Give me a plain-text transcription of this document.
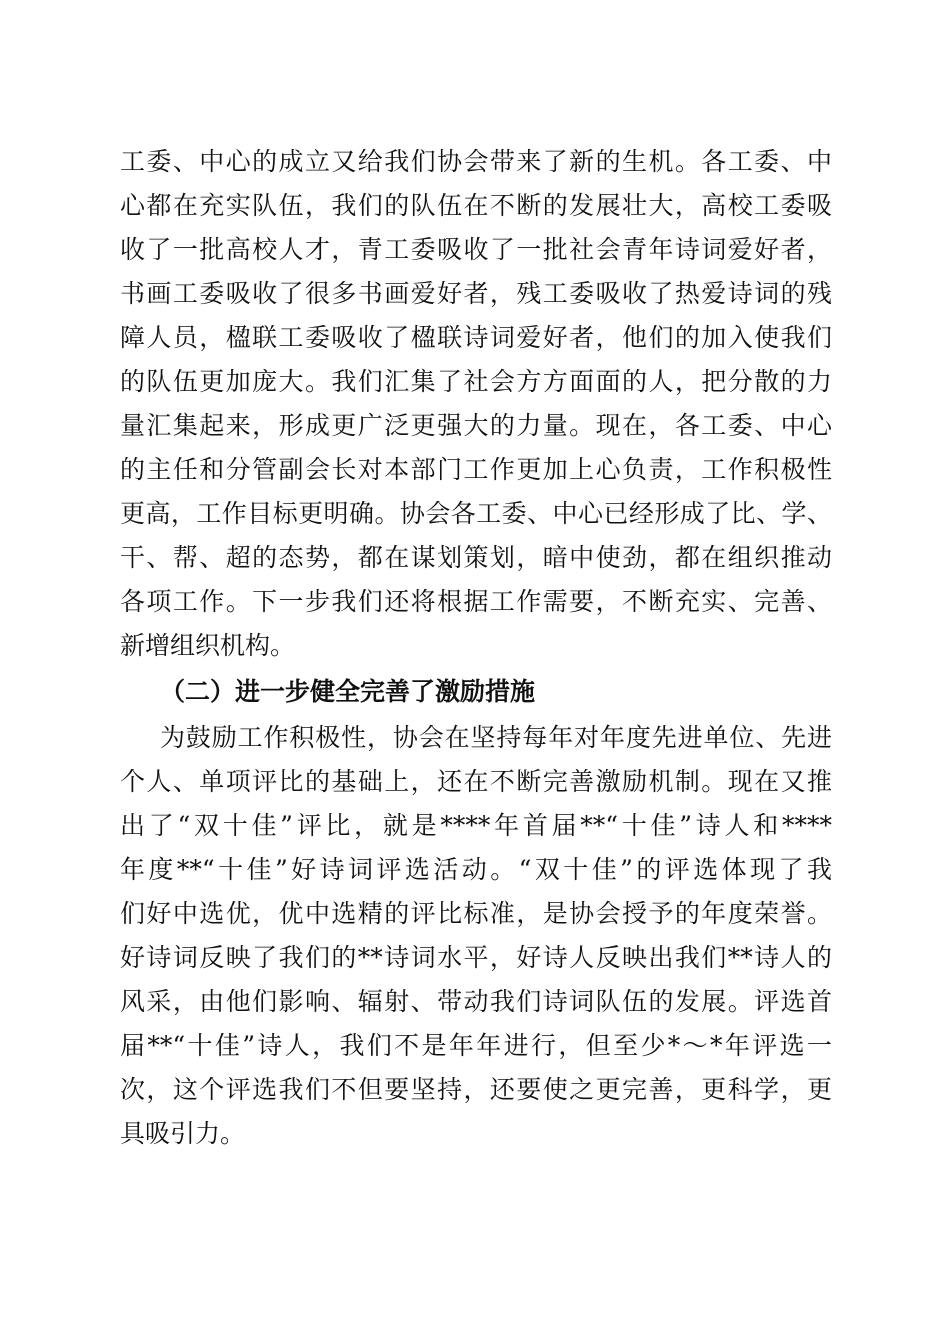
工委、中心的成立又给我们协会带来了新的生机。各工委、中
心都在充实队伍，我们的队伍在不断的发展壮大，高校工委吸
收了一批高校人才，青工委吸收了一批社会青年诗词爱好者，
书画工委吸收了很多书画爱好者，残工委吸收了热爱诗词的残
障人员，楹联工委吸收了楹联诗词爱好者，他们的加入使我们
的队伍更加庞大。我们汇集了社会方方面面的人，把分散的力
量汇集起来，形成更广泛更强大的力量。现在，各工委、中心
的主任和分管副会长对本部门工作更加上心负责，工作积极性
更高，工作目标更明确。协会各工委、中心已经形成了比、学、
干、帮、超的态势，都在谋划策划，暗中使劲，都在组织推动
各项工作。下一步我们还将根据工作需要，不断充实、完善、
新增组织机构。
（二）进一步健全完善了激励措施
为鼓励工作积极性，协会在坚持每年对年度先进单位、先进
个人、单项评比的基础上，还在不断完善激励机制。现在又推
出了“双十佳”评比，就是****年首届**“十佳”诗人和****
年度**“十佳”好诗词评选活动。“双十佳”的评选体现了我
们好中选优，优中选精的评比标准，是协会授予的年度荣誉。
好诗词反映了我们的**诗词水平，好诗人反映出我们**诗人的
风采，由他们影响、辐射、带动我们诗词队伍的发展。评选首
届**“十佳”诗人，我们不是年年进行，但至少*～*年评选一
次，这个评选我们不但要坚持，还要使之更完善，更科学，更
具吸引力。
